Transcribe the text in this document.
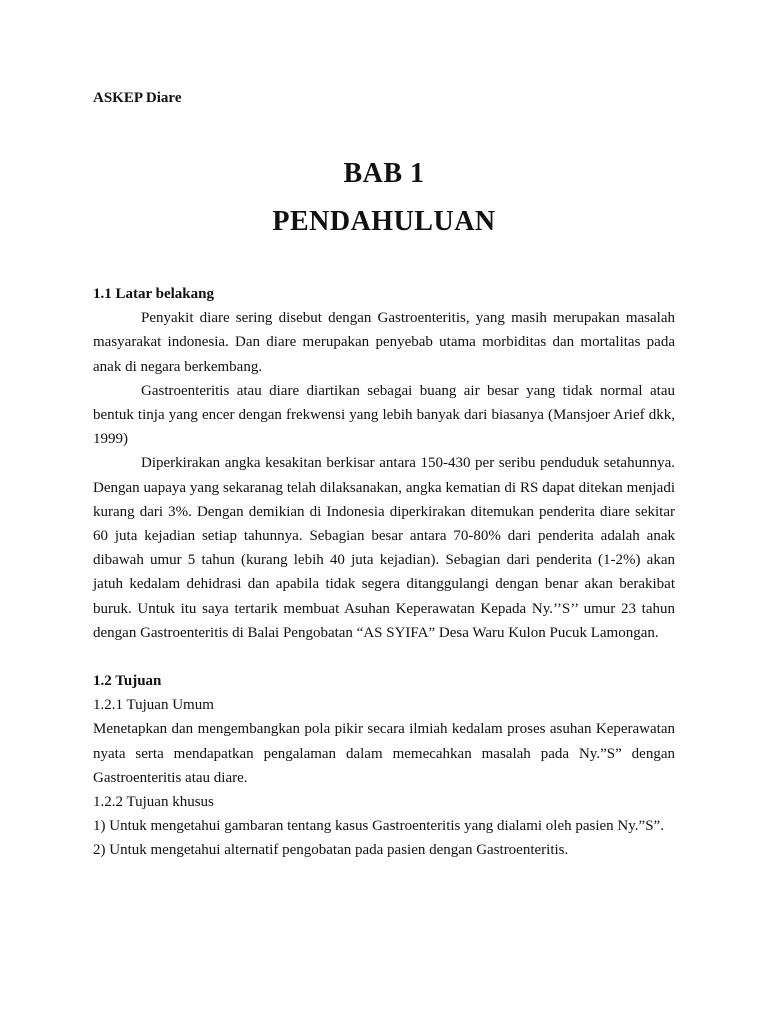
ASKEP Diare

BAB 1
PENDAHULUAN

1.1 Latar belakang

Penyakit diare sering disebut dengan Gastroenteritis, yang masih merupakan masalah masyarakat indonesia. Dan diare merupakan penyebab utama morbiditas dan mortalitas pada anak di negara berkembang.

Gastroenteritis atau diare diartikan sebagai buang air besar yang tidak normal atau bentuk tinja yang encer dengan frekwensi yang lebih banyak dari biasanya (Mansjoer Arief dkk, 1999)

Diperkirakan angka kesakitan berkisar antara 150-430 per seribu penduduk setahunnya. Dengan uapaya yang sekaranag telah dilaksanakan, angka kematian di RS dapat ditekan menjadi kurang dari 3%. Dengan demikian di Indonesia diperkirakan ditemukan penderita diare sekitar 60 juta kejadian setiap tahunnya. Sebagian besar antara 70-80% dari penderita adalah anak dibawah umur 5 tahun (kurang lebih 40 juta kejadian). Sebagian dari penderita (1-2%) akan jatuh kedalam dehidrasi dan apabila tidak segera ditanggulangi dengan benar akan berakibat buruk. Untuk itu saya tertarik membuat Asuhan Keperawatan Kepada Ny.’’S’’ umur 23 tahun dengan Gastroenteritis di Balai Pengobatan “AS SYIFA” Desa Waru Kulon Pucuk Lamongan.

1.2 Tujuan

1.2.1 Tujuan Umum

Menetapkan dan mengembangkan pola pikir secara ilmiah kedalam proses asuhan Keperawatan nyata serta mendapatkan pengalaman dalam memecahkan masalah pada Ny.”S” dengan Gastroenteritis atau diare.

1.2.2 Tujuan khusus

1) Untuk mengetahui gambaran tentang kasus Gastroenteritis yang dialami oleh pasien Ny.”S”.

2) Untuk mengetahui alternatif pengobatan pada pasien dengan Gastroenteritis.
